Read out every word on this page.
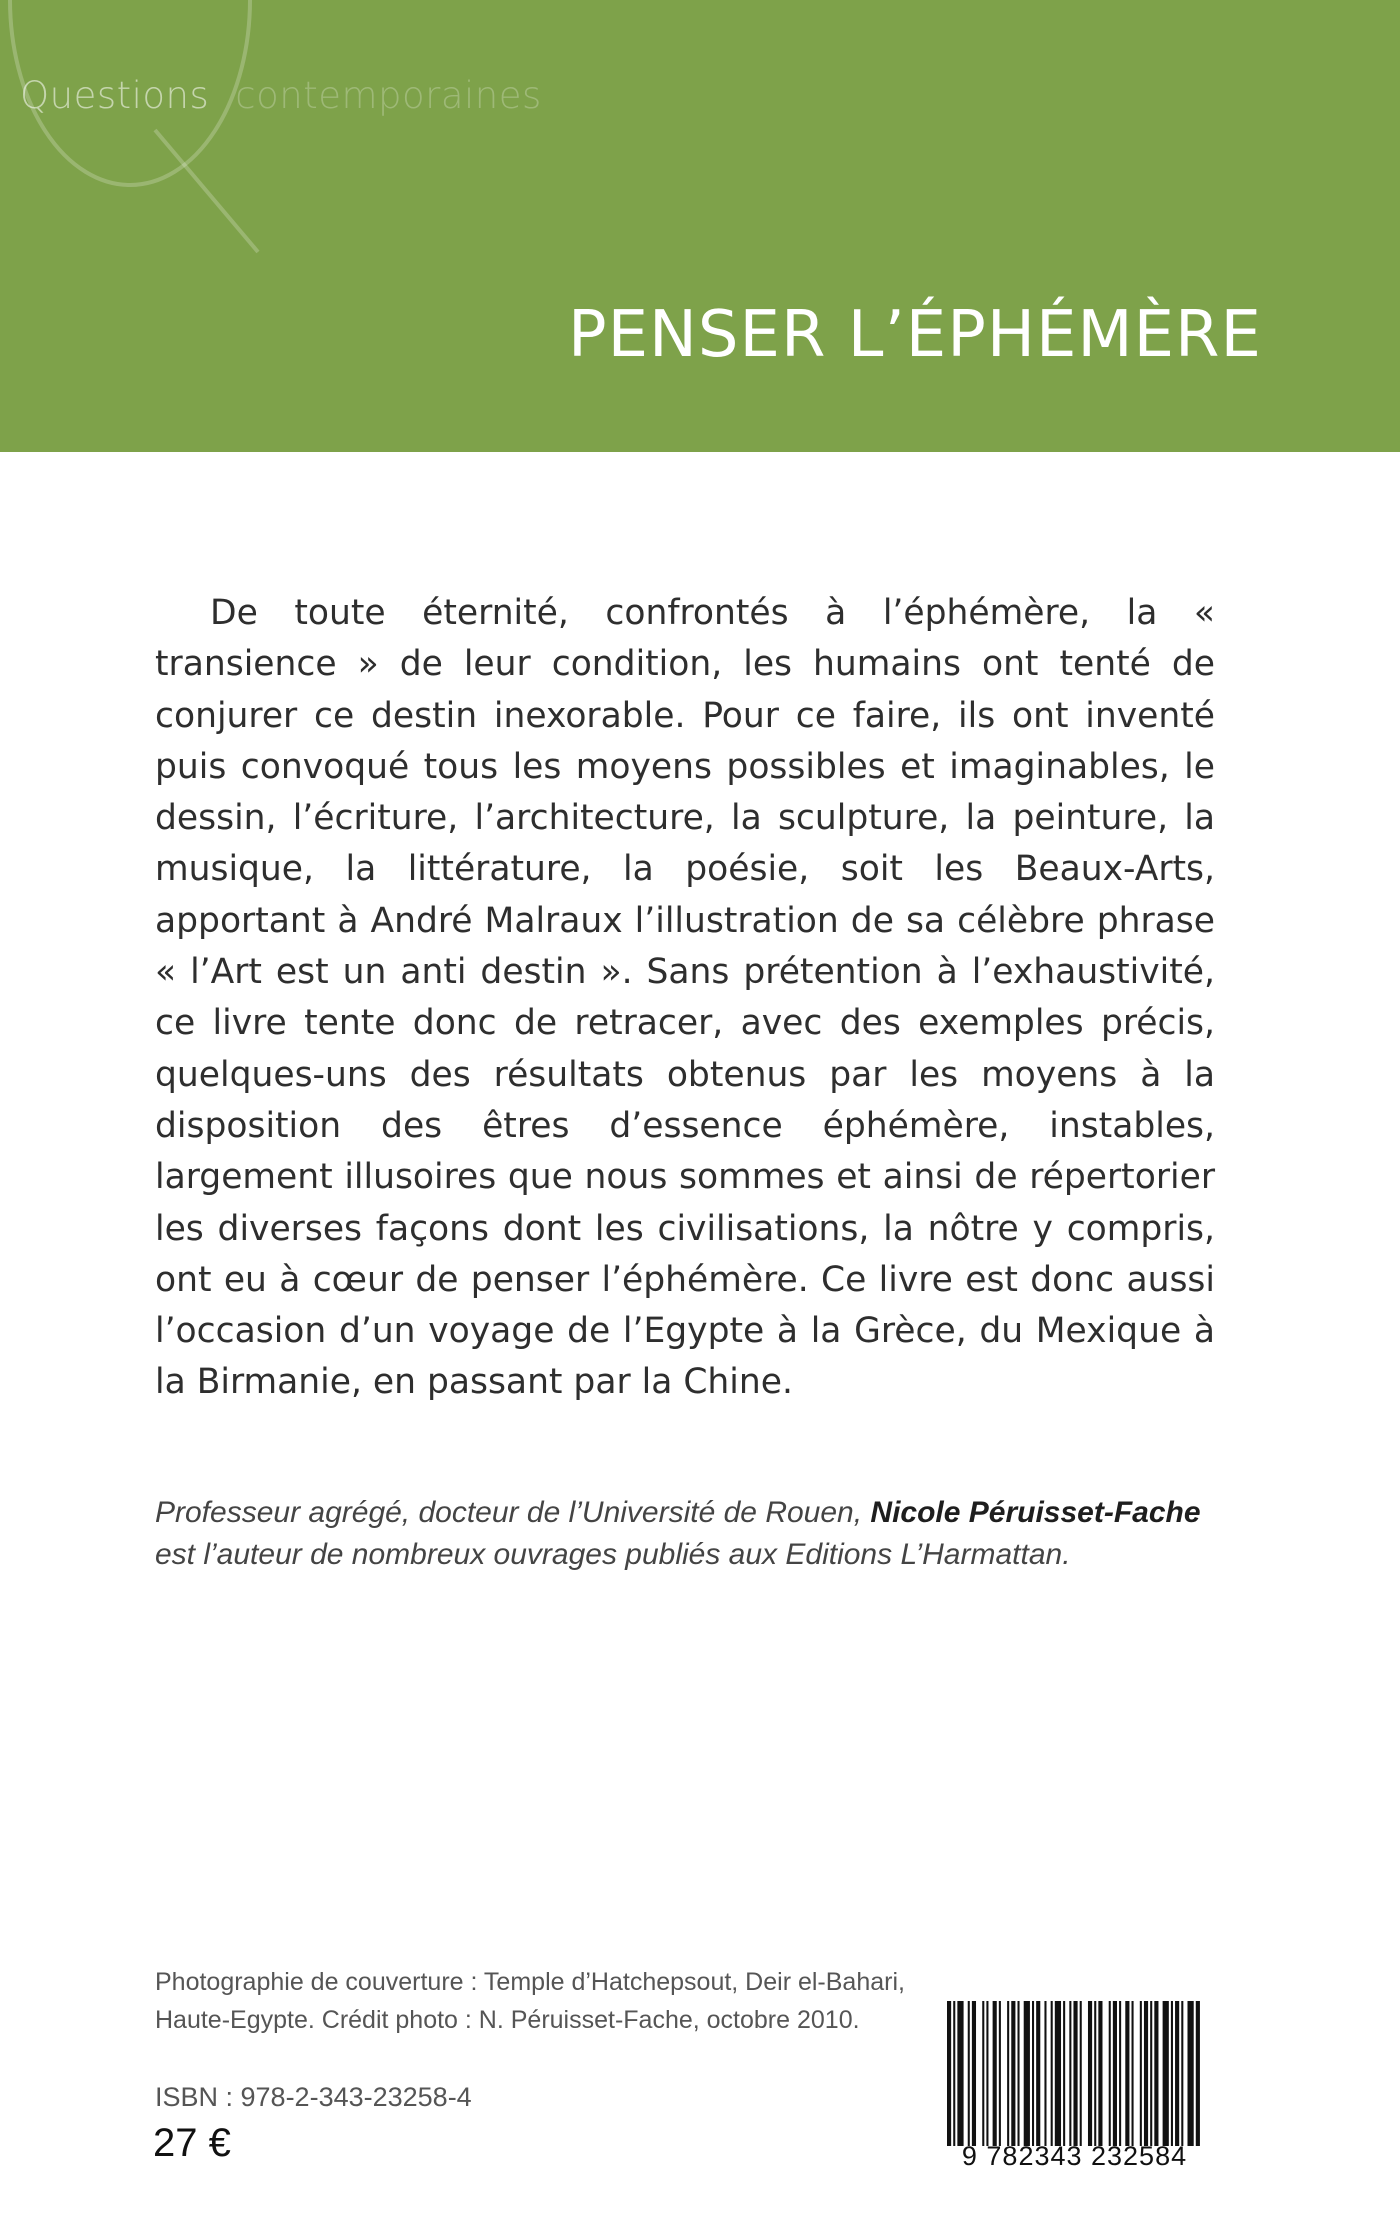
Questions contemporaines
PENSER L’ÉPHÉMÈRE

De toute éternité, confrontés à l’éphémère, la « transience » de leur condition, les humains ont tenté de conjurer ce destin inexorable. Pour ce faire, ils ont inventé puis convoqué tous les moyens possibles et imaginables, le dessin, l’écriture, l’architecture, la sculpture, la peinture, la musique, la littérature, la poésie, soit les Beaux-Arts, apportant à André Malraux l’illustration de sa célèbre phrase « l’Art est un anti destin ». Sans prétention à l’exhaustivité, ce livre tente donc de retracer, avec des exemples précis, quelques-uns des résultats obtenus par les moyens à la disposition des êtres d’essence éphémère, instables, largement illusoires que nous sommes et ainsi de répertorier les diverses façons dont les civilisations, la nôtre y compris, ont eu à cœur de penser l’éphémère. Ce livre est donc aussi l’occasion d’un voyage de l’Egypte à la Grèce, du Mexique à la Birmanie, en passant par la Chine.

Professeur agrégé, docteur de l’Université de Rouen, Nicole Péruisset-Fache
est l’auteur de nombreux ouvrages publiés aux Editions L’Harmattan.
Photographie de couverture : Temple d’Hatchepsout, Deir el-Bahari, Haute-Egypte. Crédit photo : N. Péruisset-Fache, octobre 2010.
ISBN : 978-2-343-23258-4
27 €	9 782343 232584
